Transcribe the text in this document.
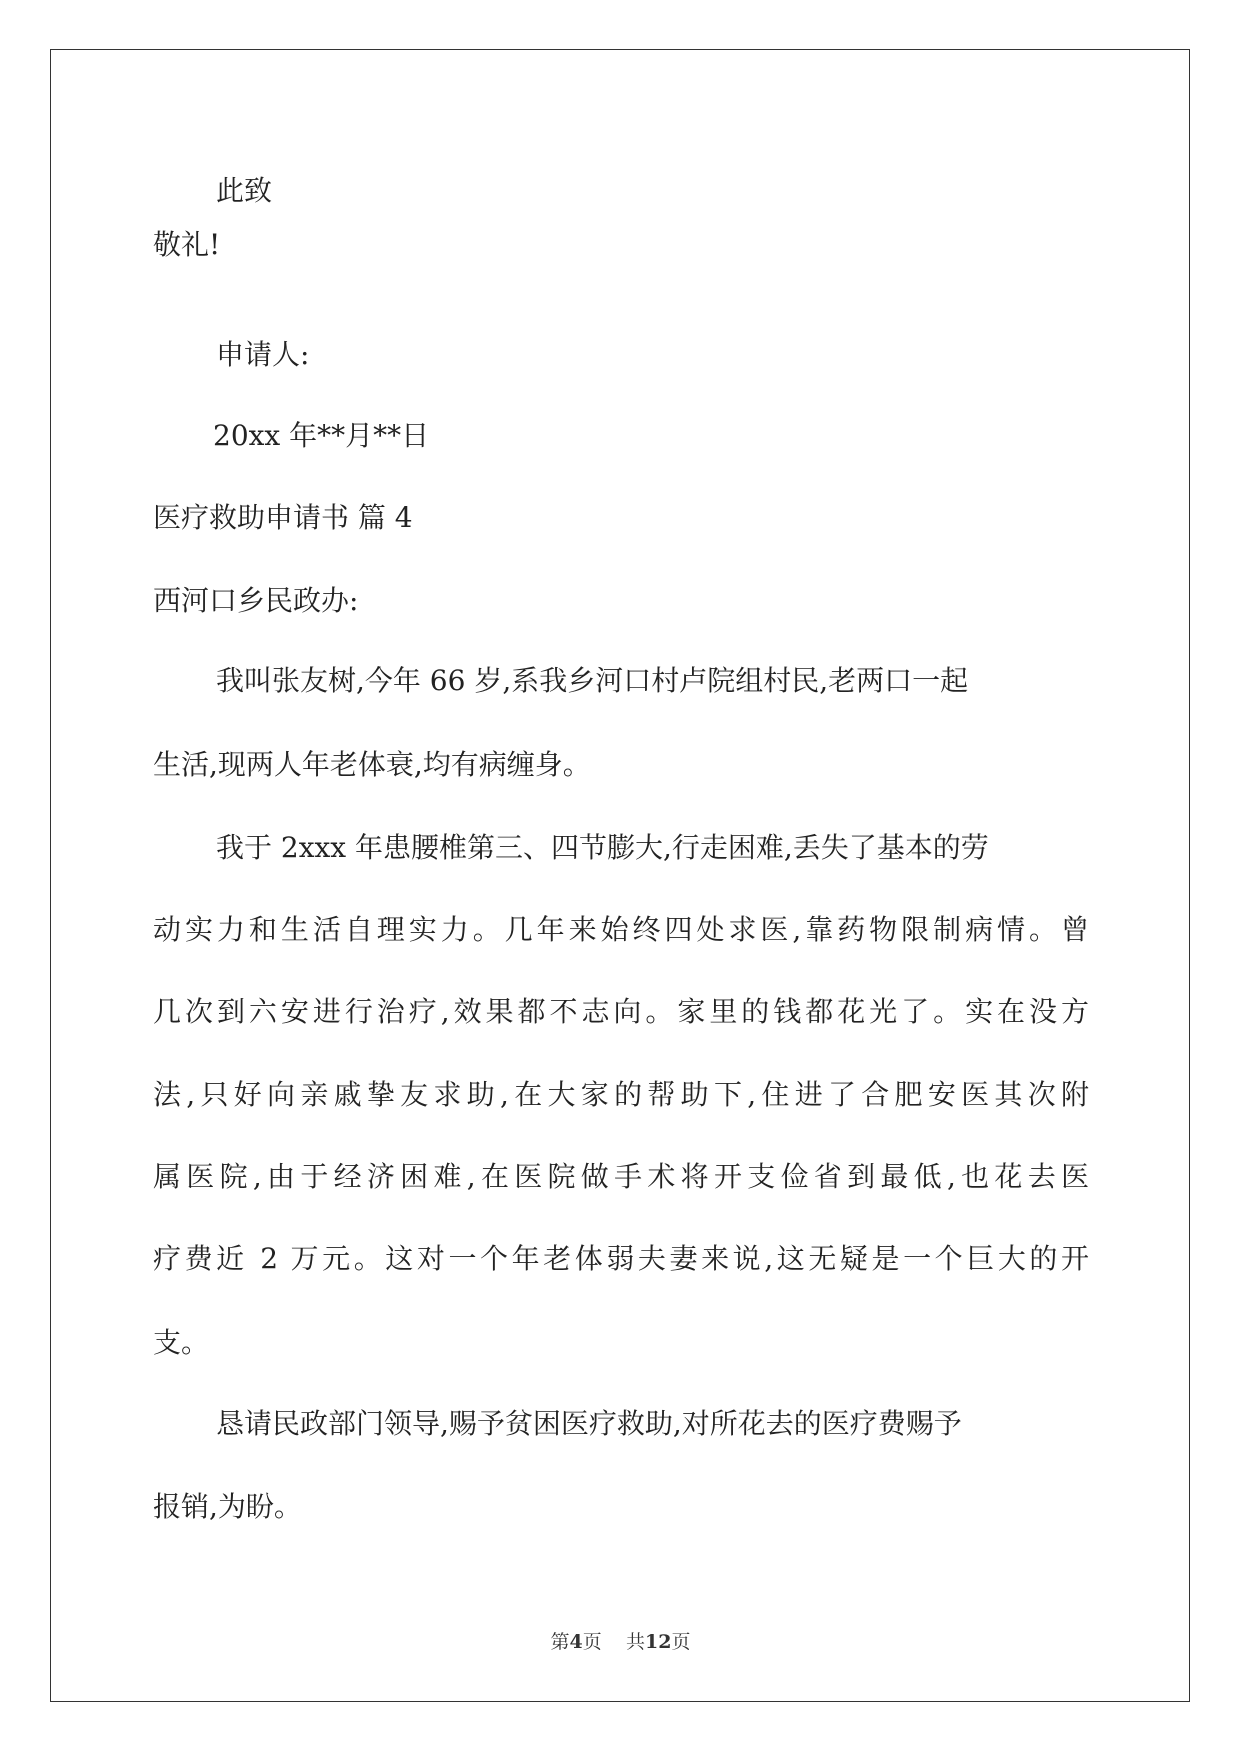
此致

敬礼!

申请人:

20xx 年**月**日

医疗救助申请书 篇 4

西河口乡民政办:

我叫张友树,今年 66 岁,系我乡河口村卢院组村民,老两口一起

生活,现两人年老体衰,均有病缠身。

我于 2xxx 年患腰椎第三、四节膨大,行走困难,丢失了基本的劳

动实力和生活自理实力。几年来始终四处求医,靠药物限制病情。曾

几次到六安进行治疗,效果都不志向。家里的钱都花光了。实在没方

法,只好向亲戚挚友求助,在大家的帮助下,住进了合肥安医其次附

属医院,由于经济困难,在医院做手术将开支俭省到最低,也花去医

疗费近 2 万元。这对一个年老体弱夫妻来说,这无疑是一个巨大的开

支。

恳请民政部门领导,赐予贫困医疗救助,对所花去的医疗费赐予

报销,为盼。

第4页 共12页
